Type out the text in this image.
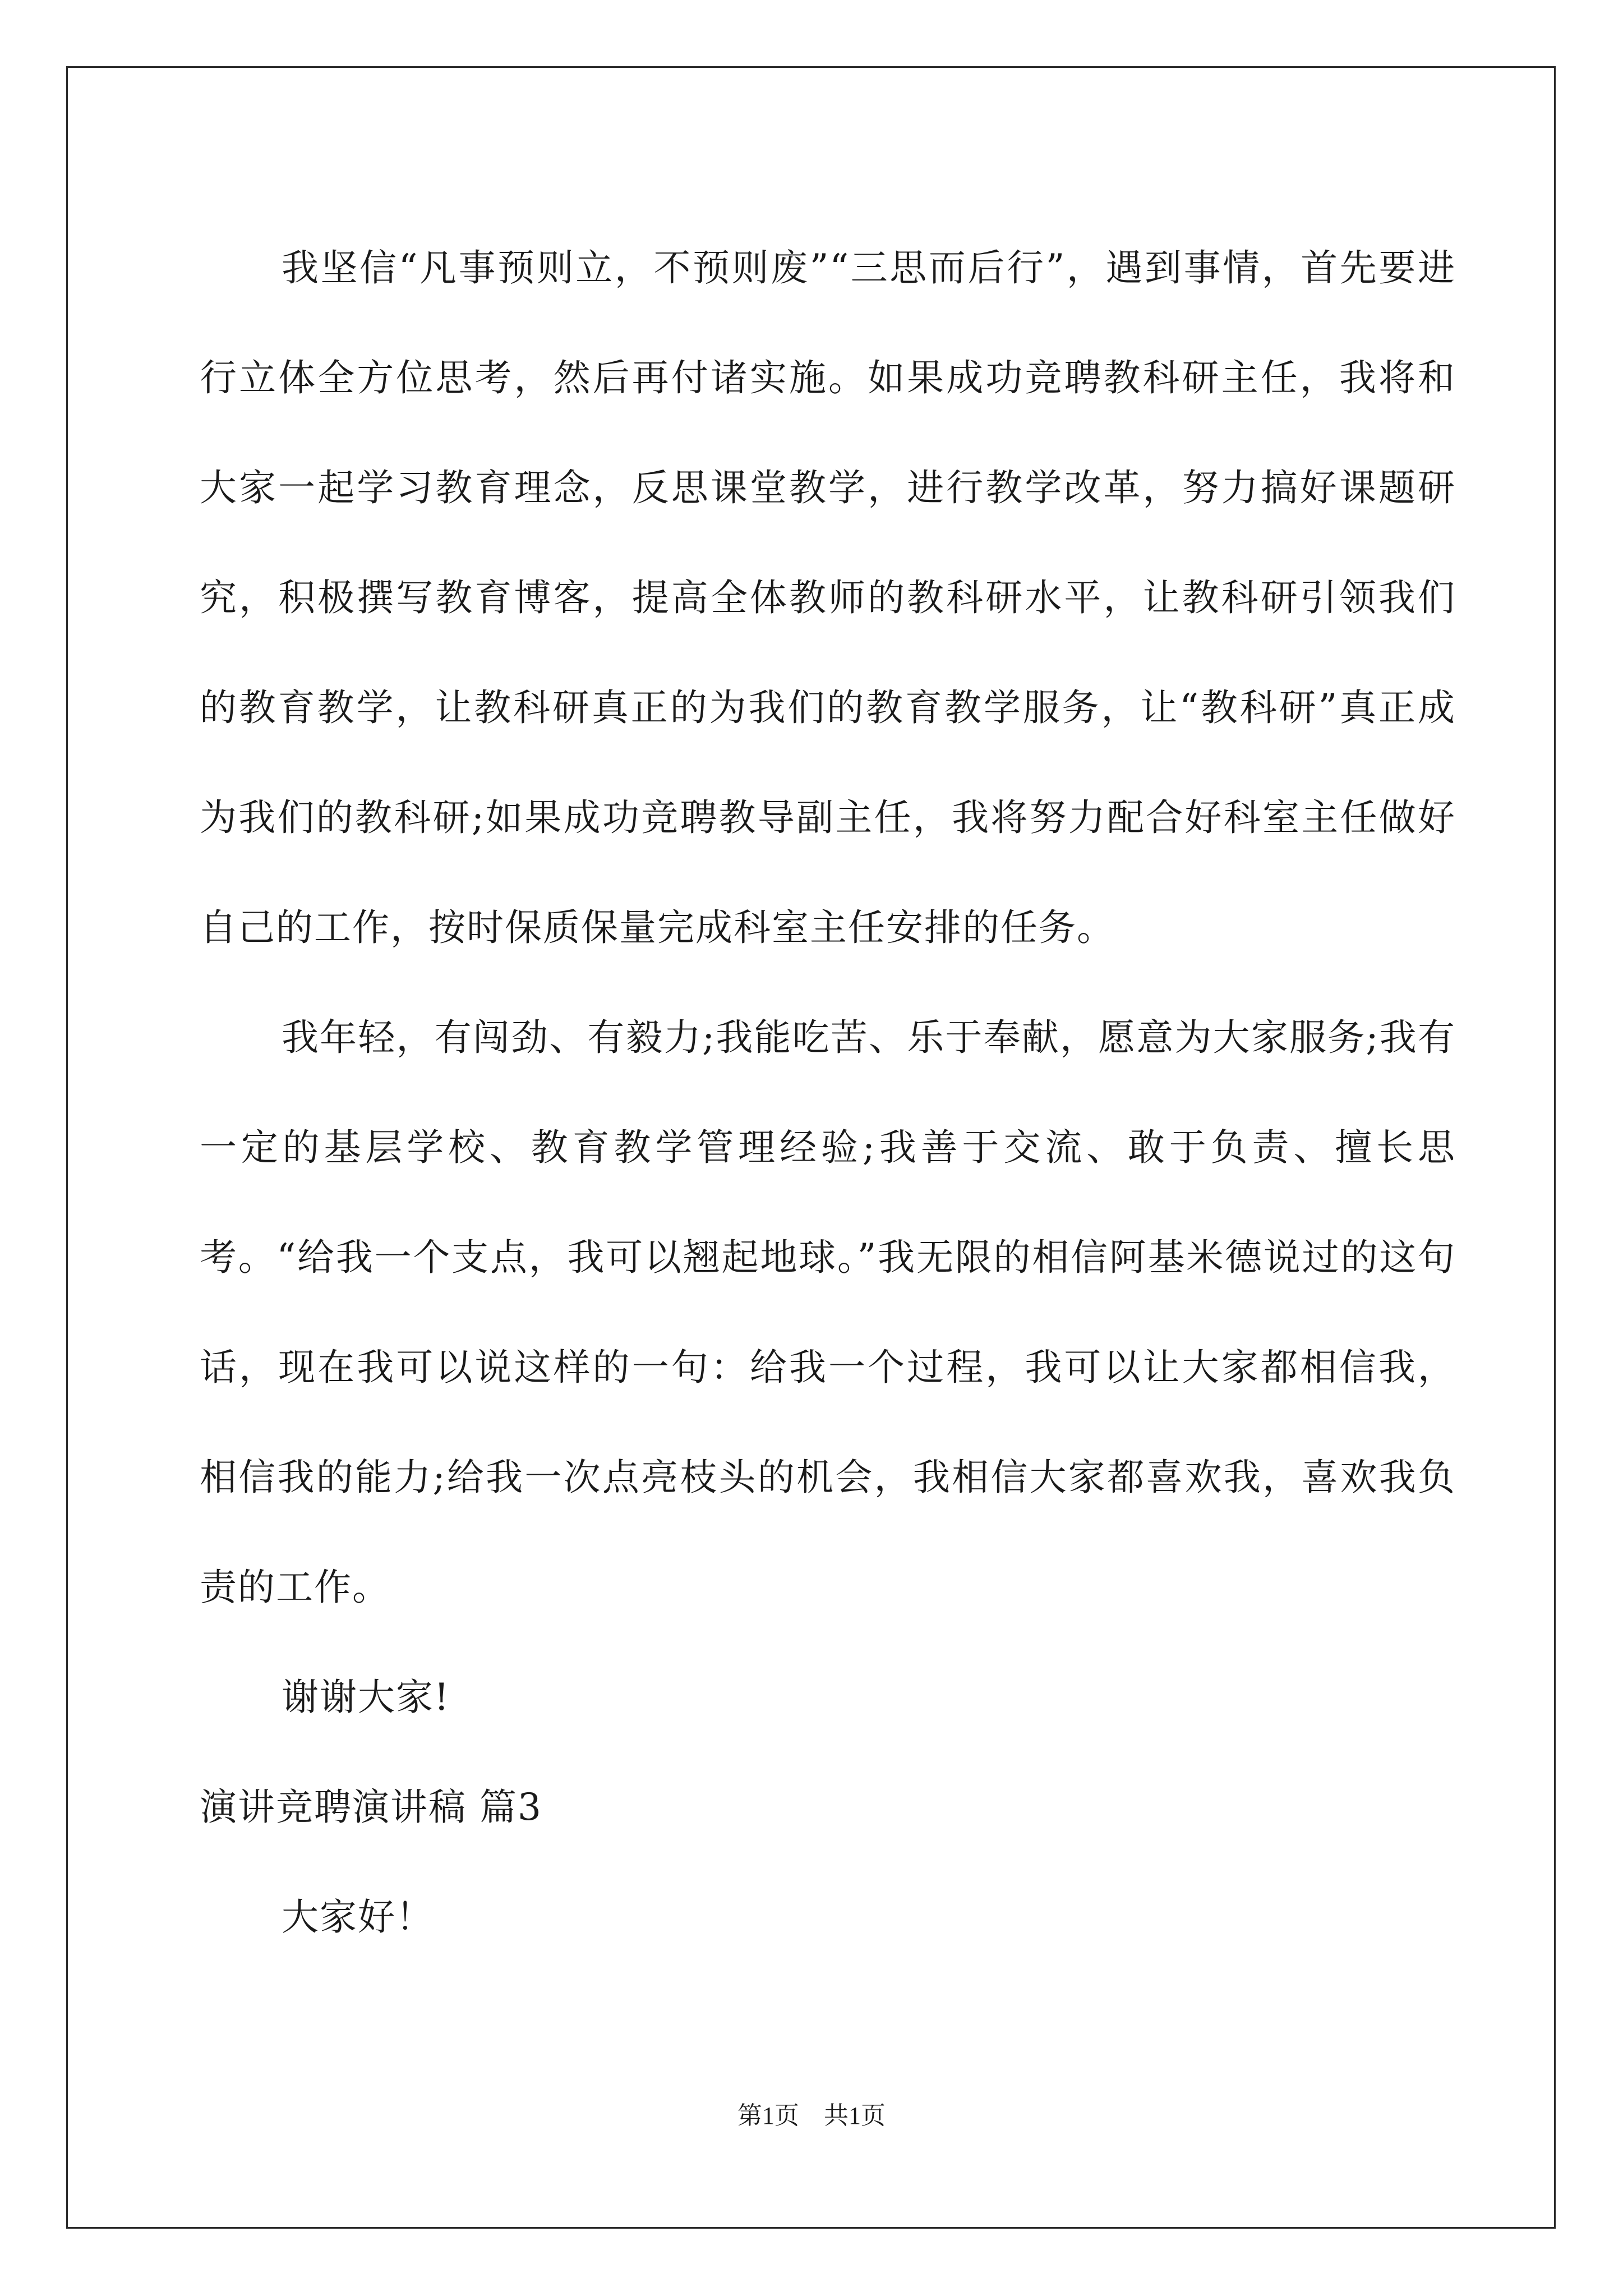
我坚信“凡事预则立，不预则废”“三思而后行”，遇到事情，首先要进行立体全方位思考，然后再付诸实施。如果成功竞聘教科研主任，我将和大家一起学习教育理念，反思课堂教学，进行教学改革，努力搞好课题研究，积极撰写教育博客，提高全体教师的教科研水平，让教科研引领我们的教育教学，让教科研真正的为我们的教育教学服务，让“教科研”真正成为我们的教科研;如果成功竞聘教导副主任，我将努力配合好科室主任做好自己的工作，按时保质保量完成科室主任安排的任务。

我年轻，有闯劲、有毅力;我能吃苦、乐于奉献，愿意为大家服务;我有一定的基层学校、教育教学管理经验;我善于交流、敢于负责、擅长思考。“给我一个支点，我可以翘起地球。”我无限的相信阿基米德说过的这句话，现在我可以说这样的一句：给我一个过程，我可以让大家都相信我，相信我的能力;给我一次点亮枝头的机会，我相信大家都喜欢我，喜欢我负责的工作。

谢谢大家!

演讲竞聘演讲稿 篇3

大家好！

第1页　共1页
